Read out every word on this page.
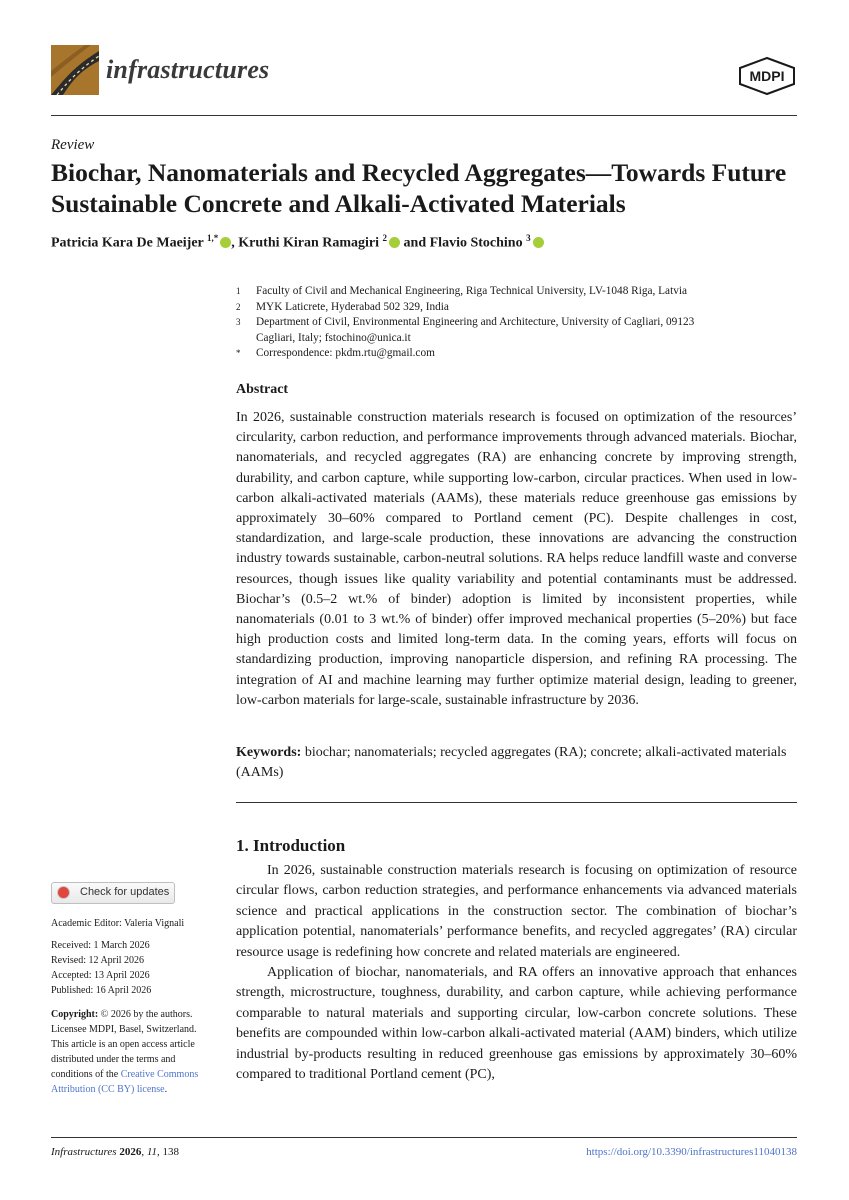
infrastructures	MDPI
Review
Biochar, Nanomaterials and Recycled Aggregates—Towards Future Sustainable Concrete and Alkali-Activated Materials
Patricia Kara De Maeijer $^{1,*}$ , Kruthi Kiran Ramagiri $^2$ and Flavio Stochino $^3$
1 Faculty of Civil and Mechanical Engineering, Riga Technical University, LV-1048 Riga, Latvia
2 MYK Laticrete, Hyderabad 502 329, India
3 Department of Civil, Environmental Engineering and Architecture, University of Cagliari, 09123 Cagliari, Italy; fstochino@unica.it
* Correspondence: pkdm.rtu@gmail.com
Abstract
In 2026, sustainable construction materials research is focused on optimization of the resources’ circularity, carbon reduction, and performance improvements through advanced materials. Biochar, nanomaterials, and recycled aggregates (RA) are enhancing concrete by improving strength, durability, and carbon capture, while supporting low-carbon, circular practices. When used in low-carbon alkali-activated materials (AAMs), these materials reduce greenhouse gas emissions by approximately 30–60% compared to Portland cement (PC). Despite challenges in cost, standardization, and large-scale production, these innovations are advancing the construction industry towards sustainable, carbon-neutral solutions. RA helps reduce landfill waste and converse resources, though issues like quality variability and potential contaminants must be addressed. Biochar’s (0.5–2 wt.% of binder) adoption is limited by inconsistent properties, while nanomaterials (0.01 to 3 wt.% of binder) offer improved mechanical properties (5–20%) but face high production costs and limited long-term data. In the coming years, efforts will focus on standardizing production, improving nanoparticle dispersion, and refining RA processing. The integration of AI and machine learning may further optimize material design, leading to greener, low-carbon materials for large-scale, sustainable infrastructure by 2036.
Keywords: biochar; nanomaterials; recycled aggregates (RA); concrete; alkali-activated materials (AAMs)
1. Introduction

In 2026, sustainable construction materials research is focusing on optimization of resource circular flows, carbon reduction strategies, and performance enhancements via advanced materials science and practical applications in the construction sector. The combination of biochar’s application potential, nanomaterials’ performance benefits, and recycled aggregates’ (RA) circular resource usage is redefining how concrete and related materials are engineered.

Application of biochar, nanomaterials, and RA offers an innovative approach that enhances strength, microstructure, toughness, durability, and carbon capture, while achieving performance comparable to natural materials and supporting circular, low-carbon concrete solutions. These benefits are compounded within low-carbon alkali-activated material (AAM) binders, which utilize industrial by-products resulting in reduced greenhouse gas emissions by approximately 30–60% compared to traditional Portland cement (PC),

Check for updates
Academic Editor: Valeria Vignali

Received: 1 March 2026

Revised: 12 April 2026

Accepted: 13 April 2026

Published: 16 April 2026

Copyright: © 2026 by the authors. Licensee MDPI, Basel, Switzerland. This article is an open access article distributed under the terms and conditions of the Creative Commons Attribution (CC BY) license.
Infrastructures 2026, 11, 138	https://doi.org/10.3390/infrastructures11040138
